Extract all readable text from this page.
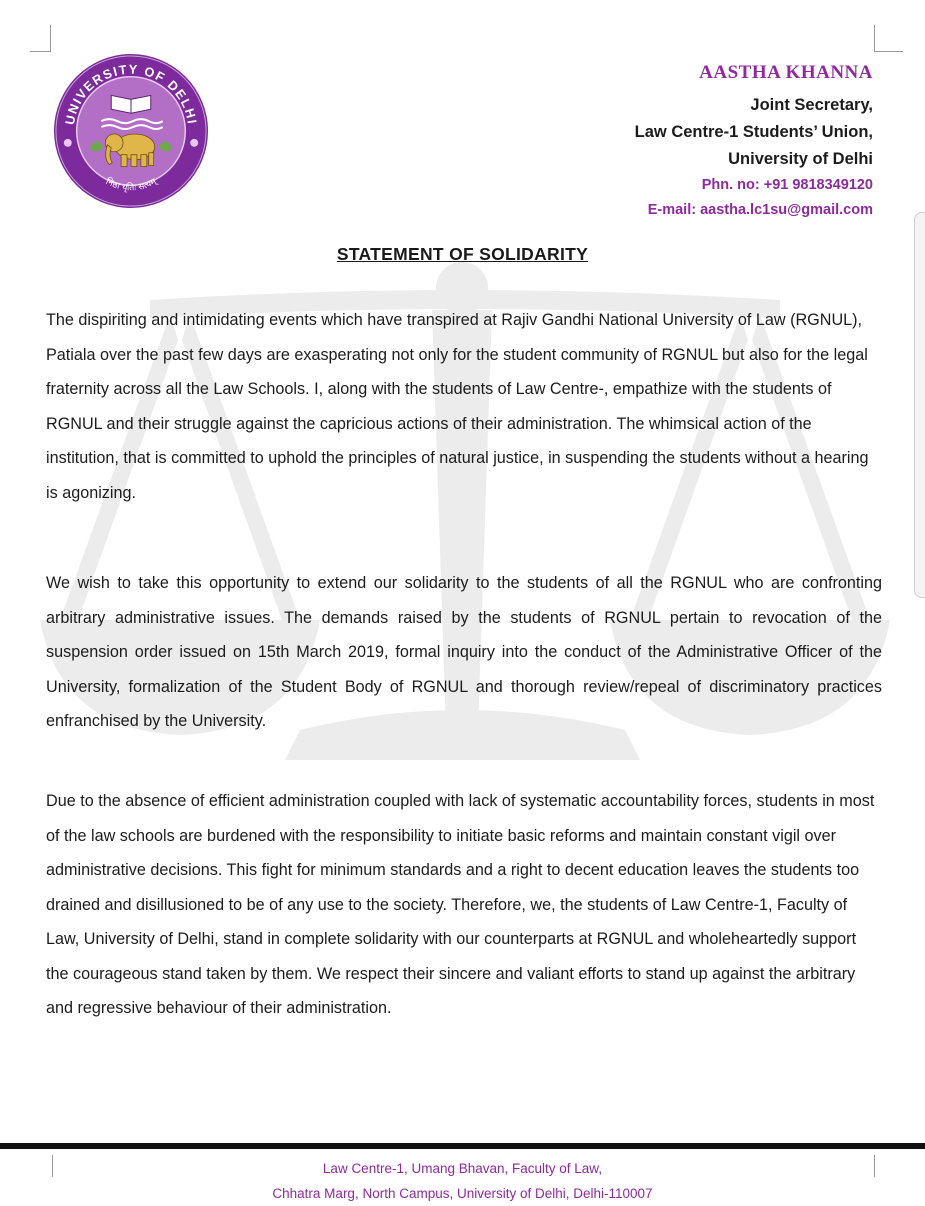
UNIVERSITY OF DELHI
निष्ठा धृतिः सत्यम्
AASTHA KHANNA
Joint Secretary,
Law Centre-1 Students’ Union,
University of Delhi
Phn. no: +91 9818349120
E-mail: aastha.lc1su@gmail.com
STATEMENT OF SOLIDARITY
The dispiriting and intimidating events which have transpired at Rajiv Gandhi National University of Law (RGNUL), Patiala over the past few days are exasperating not only for the student community of RGNUL but also for the legal fraternity across all the Law Schools. I, along with the students of Law Centre-, empathize with the students of RGNUL and their struggle against the capricious actions of their administration. The whimsical action of the institution, that is committed to uphold the principles of natural justice, in suspending the students without a hearing is agonizing.
We wish to take this opportunity to extend our solidarity to the students of all the RGNUL who are confronting arbitrary administrative issues. The demands raised by the students of RGNUL pertain to revocation of the suspension order issued on 15th March 2019, formal inquiry into the conduct of the Administrative Officer of the University, formalization of the Student Body of RGNUL and thorough review/repeal of discriminatory practices enfranchised by the University.
Due to the absence of efficient administration coupled with lack of systematic accountability forces, students in most of the law schools are burdened with the responsibility to initiate basic reforms and maintain constant vigil over administrative decisions. This fight for minimum standards and a right to decent education leaves the students too drained and disillusioned to be of any use to the society. Therefore, we, the students of Law Centre-1, Faculty of Law, University of Delhi, stand in complete solidarity with our counterparts at RGNUL and wholeheartedly support the courageous stand taken by them. We respect their sincere and valiant efforts to stand up against the arbitrary and regressive behaviour of their administration.
Law Centre-1, Umang Bhavan, Faculty of Law,
Chhatra Marg, North Campus, University of Delhi, Delhi-110007
